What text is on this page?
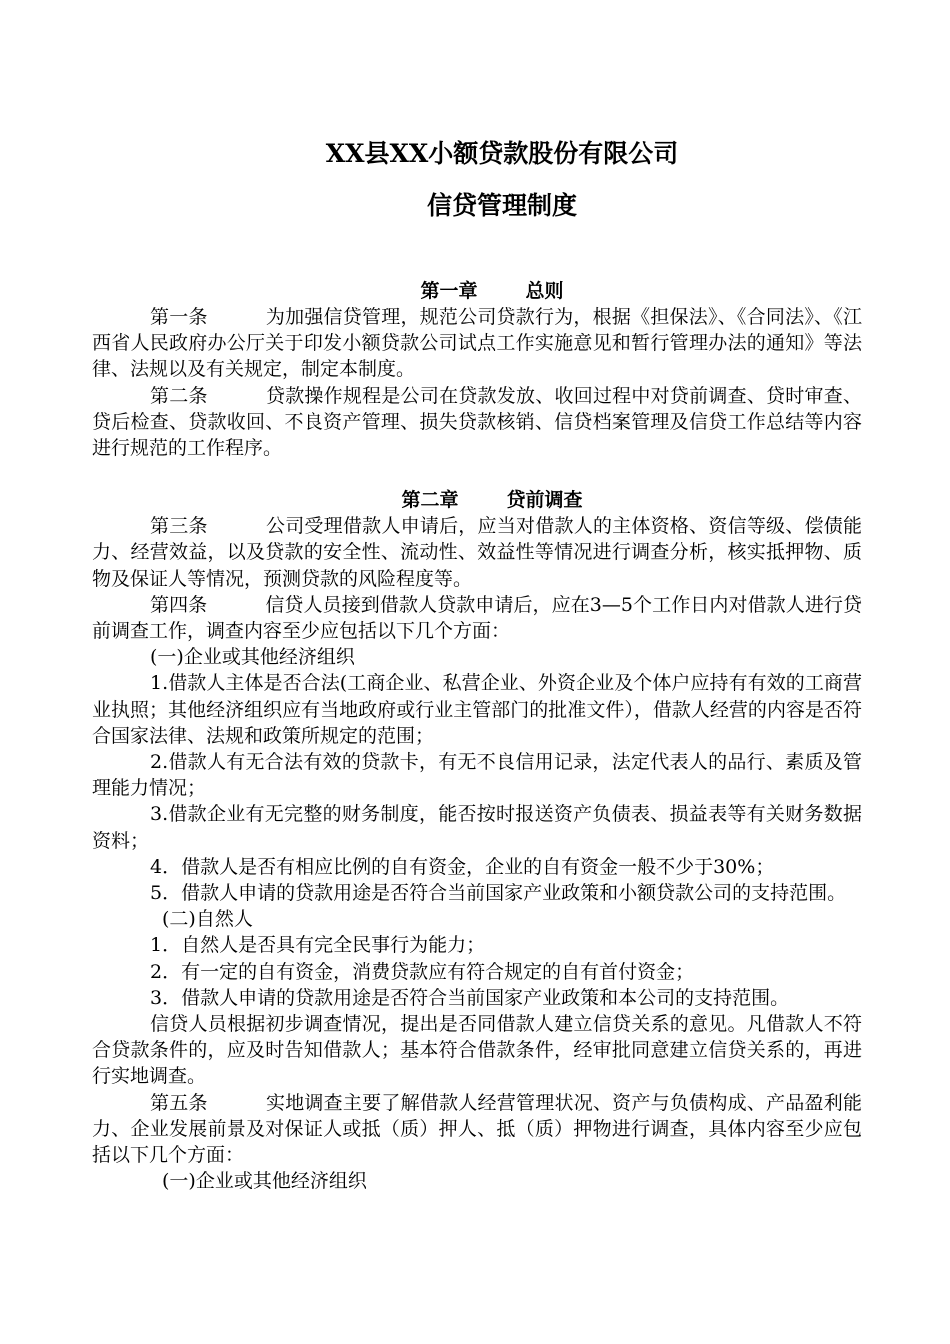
XX县XX小额贷款股份有限公司

信贷管理制度

第一章	总则

第一条	为加强信贷管理，规范公司贷款行为，根据《担保法》、《合同法》、《江西省人民政府办公厅关于印发小额贷款公司试点工作实施意见和暂行管理办法的通知》等法律、法规以及有关规定，制定本制度。

第二条	贷款操作规程是公司在贷款发放、收回过程中对贷前调查、贷时审查、贷后检查、贷款收回、不良资产管理、损失贷款核销、信贷档案管理及信贷工作总结等内容进行规范的工作程序。

第二章	贷前调查

第三条	公司受理借款人申请后，应当对借款人的主体资格、资信等级、偿债能力、经营效益，以及贷款的安全性、流动性、效益性等情况进行调查分析，核实抵押物、质物及保证人等情况，预测贷款的风险程度等。

第四条	信贷人员接到借款人贷款申请后，应在3—5个工作日内对借款人进行贷前调查工作，调查内容至少应包括以下几个方面：

(一)企业或其他经济组织

1.借款人主体是否合法(工商企业、私营企业、外资企业及个体户应持有有效的工商营业执照；其他经济组织应有当地政府或行业主管部门的批准文件），借款人经营的内容是否符合国家法律、法规和政策所规定的范围；

2.借款人有无合法有效的贷款卡，有无不良信用记录，法定代表人的品行、素质及管理能力情况；

3.借款企业有无完整的财务制度，能否按时报送资产负债表、损益表等有关财务数据资料；

4．借款人是否有相应比例的自有资金，企业的自有资金一般不少于30%；

5．借款人申请的贷款用途是否符合当前国家产业政策和小额贷款公司的支持范围。

(二)自然人

1．自然人是否具有完全民事行为能力；

2．有一定的自有资金，消费贷款应有符合规定的自有首付资金；

3．借款人申请的贷款用途是否符合当前国家产业政策和本公司的支持范围。

信贷人员根据初步调查情况，提出是否同借款人建立信贷关系的意见。凡借款人不符合贷款条件的，应及时告知借款人；基本符合借款条件，经审批同意建立信贷关系的，再进行实地调查。

第五条	实地调查主要了解借款人经营管理状况、资产与负债构成、产品盈利能力、企业发展前景及对保证人或抵（质）押人、抵（质）押物进行调查，具体内容至少应包括以下几个方面：

(一)企业或其他经济组织
